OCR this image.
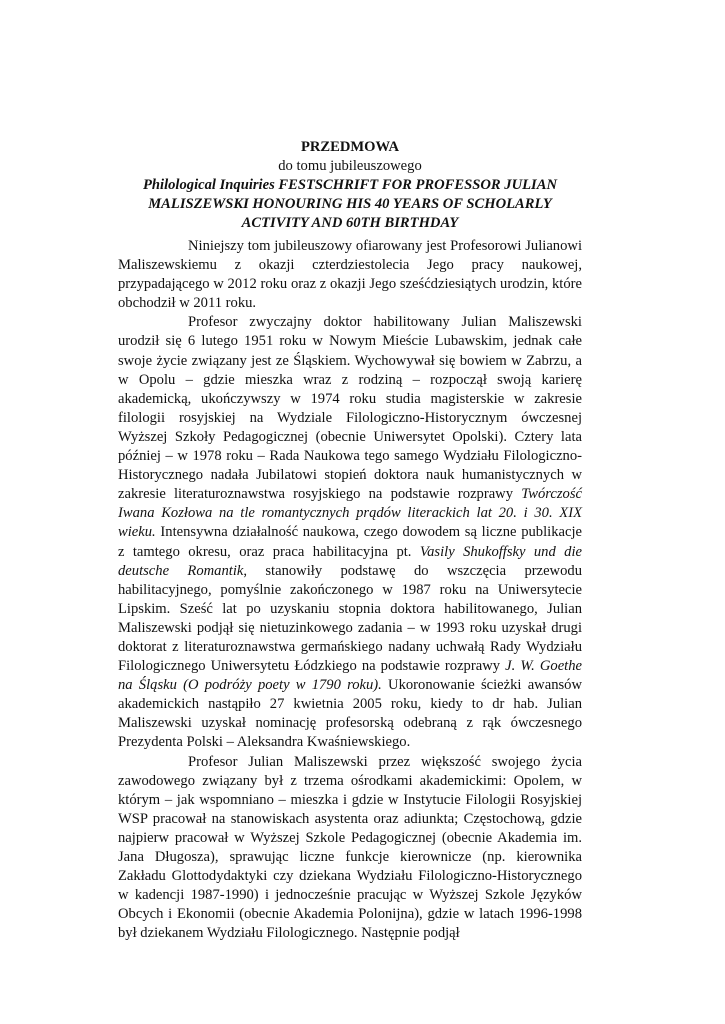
PRZEDMOWA
do tomu jubileuszowego
Philological Inquiries FESTSCHRIFT FOR PROFESSOR JULIAN
MALISZEWSKI HONOURING HIS 40 YEARS OF SCHOLARLY
ACTIVITY AND 60TH BIRTHDAY

Niniejszy tom jubileuszowy ofiarowany jest Profesorowi Julianowi Maliszewskiemu z okazji czterdziestolecia Jego pracy naukowej, przypadającego w 2012 roku oraz z okazji Jego sześćdziesiątych urodzin, które obchodził w 2011 roku.

Profesor zwyczajny doktor habilitowany Julian Maliszewski urodził się 6 lutego 1951 roku w Nowym Mieście Lubawskim, jednak całe swoje życie związany jest ze Śląskiem. Wychowywał się bowiem w Zabrzu, a w Opolu – gdzie mieszka wraz z rodziną – rozpoczął swoją karierę akademicką, ukończywszy w 1974 roku studia magisterskie w zakresie filologii rosyjskiej na Wydziale Filologiczno-Historycznym ówczesnej Wyższej Szkoły Pedagogicznej (obecnie Uniwersytet Opolski). Cztery lata później – w 1978 roku – Rada Naukowa tego samego Wydziału Filologiczno-Historycznego nadała Jubilatowi stopień doktora nauk humanistycznych w zakresie literaturoznawstwa rosyjskiego na podstawie rozprawy Twórczość Iwana Kozłowa na tle romantycznych prądów literackich lat 20. i 30. XIX wieku. Intensywna działalność naukowa, czego dowodem są liczne publikacje z tamtego okresu, oraz praca habilitacyjna pt. Vasily Shukoffsky und die deutsche Romantik, stanowiły podstawę do wszczęcia przewodu habilitacyjnego, pomyślnie zakończonego w 1987 roku na Uniwersytecie Lipskim. Sześć lat po uzyskaniu stopnia doktora habilitowanego, Julian Maliszewski podjął się nietuzinkowego zadania – w 1993 roku uzyskał drugi doktorat z literaturoznawstwa germańskiego nadany uchwałą Rady Wydziału Filologicznego Uniwersytetu Łódzkiego na podstawie rozprawy J. W. Goethe na Śląsku (O podróży poety w 1790 roku). Ukoronowanie ścieżki awansów akademickich nastąpiło 27 kwietnia 2005 roku, kiedy to dr hab. Julian Maliszewski uzyskał nominację profesorską odebraną z rąk ówczesnego Prezydenta Polski – Aleksandra Kwaśniewskiego.

Profesor Julian Maliszewski przez większość swojego życia zawodowego związany był z trzema ośrodkami akademickimi: Opolem, w którym – jak wspomniano – mieszka i gdzie w Instytucie Filologii Rosyjskiej WSP pracował na stanowiskach asystenta oraz adiunkta; Częstochową, gdzie najpierw pracował w Wyższej Szkole Pedagogicznej (obecnie Akademia im. Jana Długosza), sprawując liczne funkcje kierownicze (np. kierownika Zakładu Glottodydaktyki czy dziekana Wydziału Filologiczno-Historycznego w kadencji 1987-1990) i jednocześnie pracując w Wyższej Szkole Języków Obcych i Ekonomii (obecnie Akademia Polonijna), gdzie w latach 1996-1998 był dziekanem Wydziału Filologicznego. Następnie podjął
